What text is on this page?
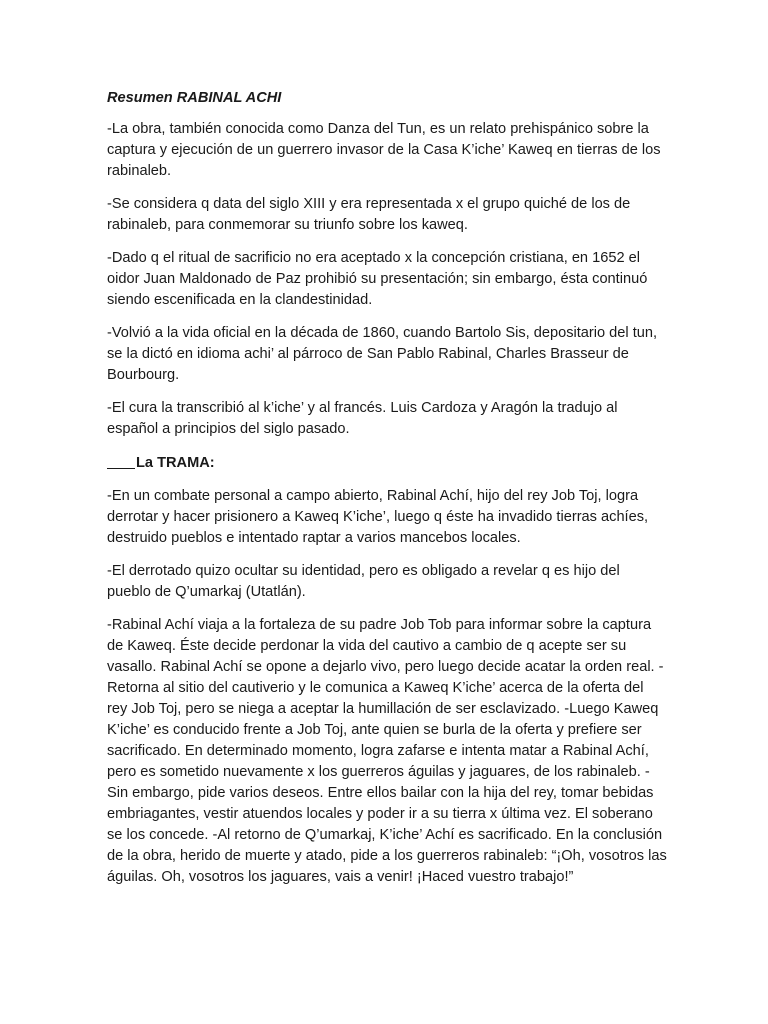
Resumen RABINAL ACHI

-La obra, también conocida como Danza del Tun, es un relato prehispánico sobre la captura y ejecución de un guerrero invasor de la Casa K’iche’ Kaweq en tierras de los rabinaleb.

-Se considera q data del siglo XIII y era representada x el grupo quiché de los de rabinaleb, para conmemorar su triunfo sobre los kaweq.

-Dado q el ritual de sacrificio no era aceptado x la concepción cristiana, en 1652 el oidor Juan Maldonado de Paz prohibió su presentación; sin embargo, ésta continuó siendo escenificada en la clandestinidad.

-Volvió a la vida oficial en la década de 1860, cuando Bartolo Sis, depositario del tun, se la dictó en idioma achi’ al párroco de San Pablo Rabinal, Charles Brasseur de Bourbourg.

-El cura la transcribió al k’iche’ y al francés. Luis Cardoza y Aragón la tradujo al español a principios del siglo pasado.

La TRAMA:

-En un combate personal a campo abierto, Rabinal Achí, hijo del rey Job Toj, logra derrotar y hacer prisionero a Kaweq K’iche’, luego q éste ha invadido tierras achíes, destruido pueblos e intentado raptar a varios mancebos locales.

-El derrotado quizo ocultar su identidad, pero es obligado a revelar q es hijo del pueblo de Q’umarkaj (Utatlán).

-Rabinal Achí viaja a la fortaleza de su padre Job Tob para informar sobre la captura de Kaweq. Éste decide perdonar la vida del cautivo a cambio de q acepte ser su vasallo. Rabinal Achí se opone a dejarlo vivo, pero luego decide acatar la orden real. -Retorna al sitio del cautiverio y le comunica a Kaweq K’iche’ acerca de la oferta del rey Job Toj, pero se niega a aceptar la humillación de ser esclavizado. -Luego Kaweq K’iche’ es conducido frente a Job Toj, ante quien se burla de la oferta y prefiere ser sacrificado. En determinado momento, logra zafarse e intenta matar a Rabinal Achí, pero es sometido nuevamente x los guerreros águilas y jaguares, de los rabinaleb. -Sin embargo, pide varios deseos. Entre ellos bailar con la hija del rey, tomar bebidas embriagantes, vestir atuendos locales y poder ir a su tierra x última vez. El soberano se los concede. -Al retorno de Q’umarkaj, K’iche’ Achí es sacrificado. En la conclusión de la obra, herido de muerte y atado, pide a los guerreros rabinaleb: “¡Oh, vosotros las águilas. Oh, vosotros los jaguares, vais a venir! ¡Haced vuestro trabajo!”
